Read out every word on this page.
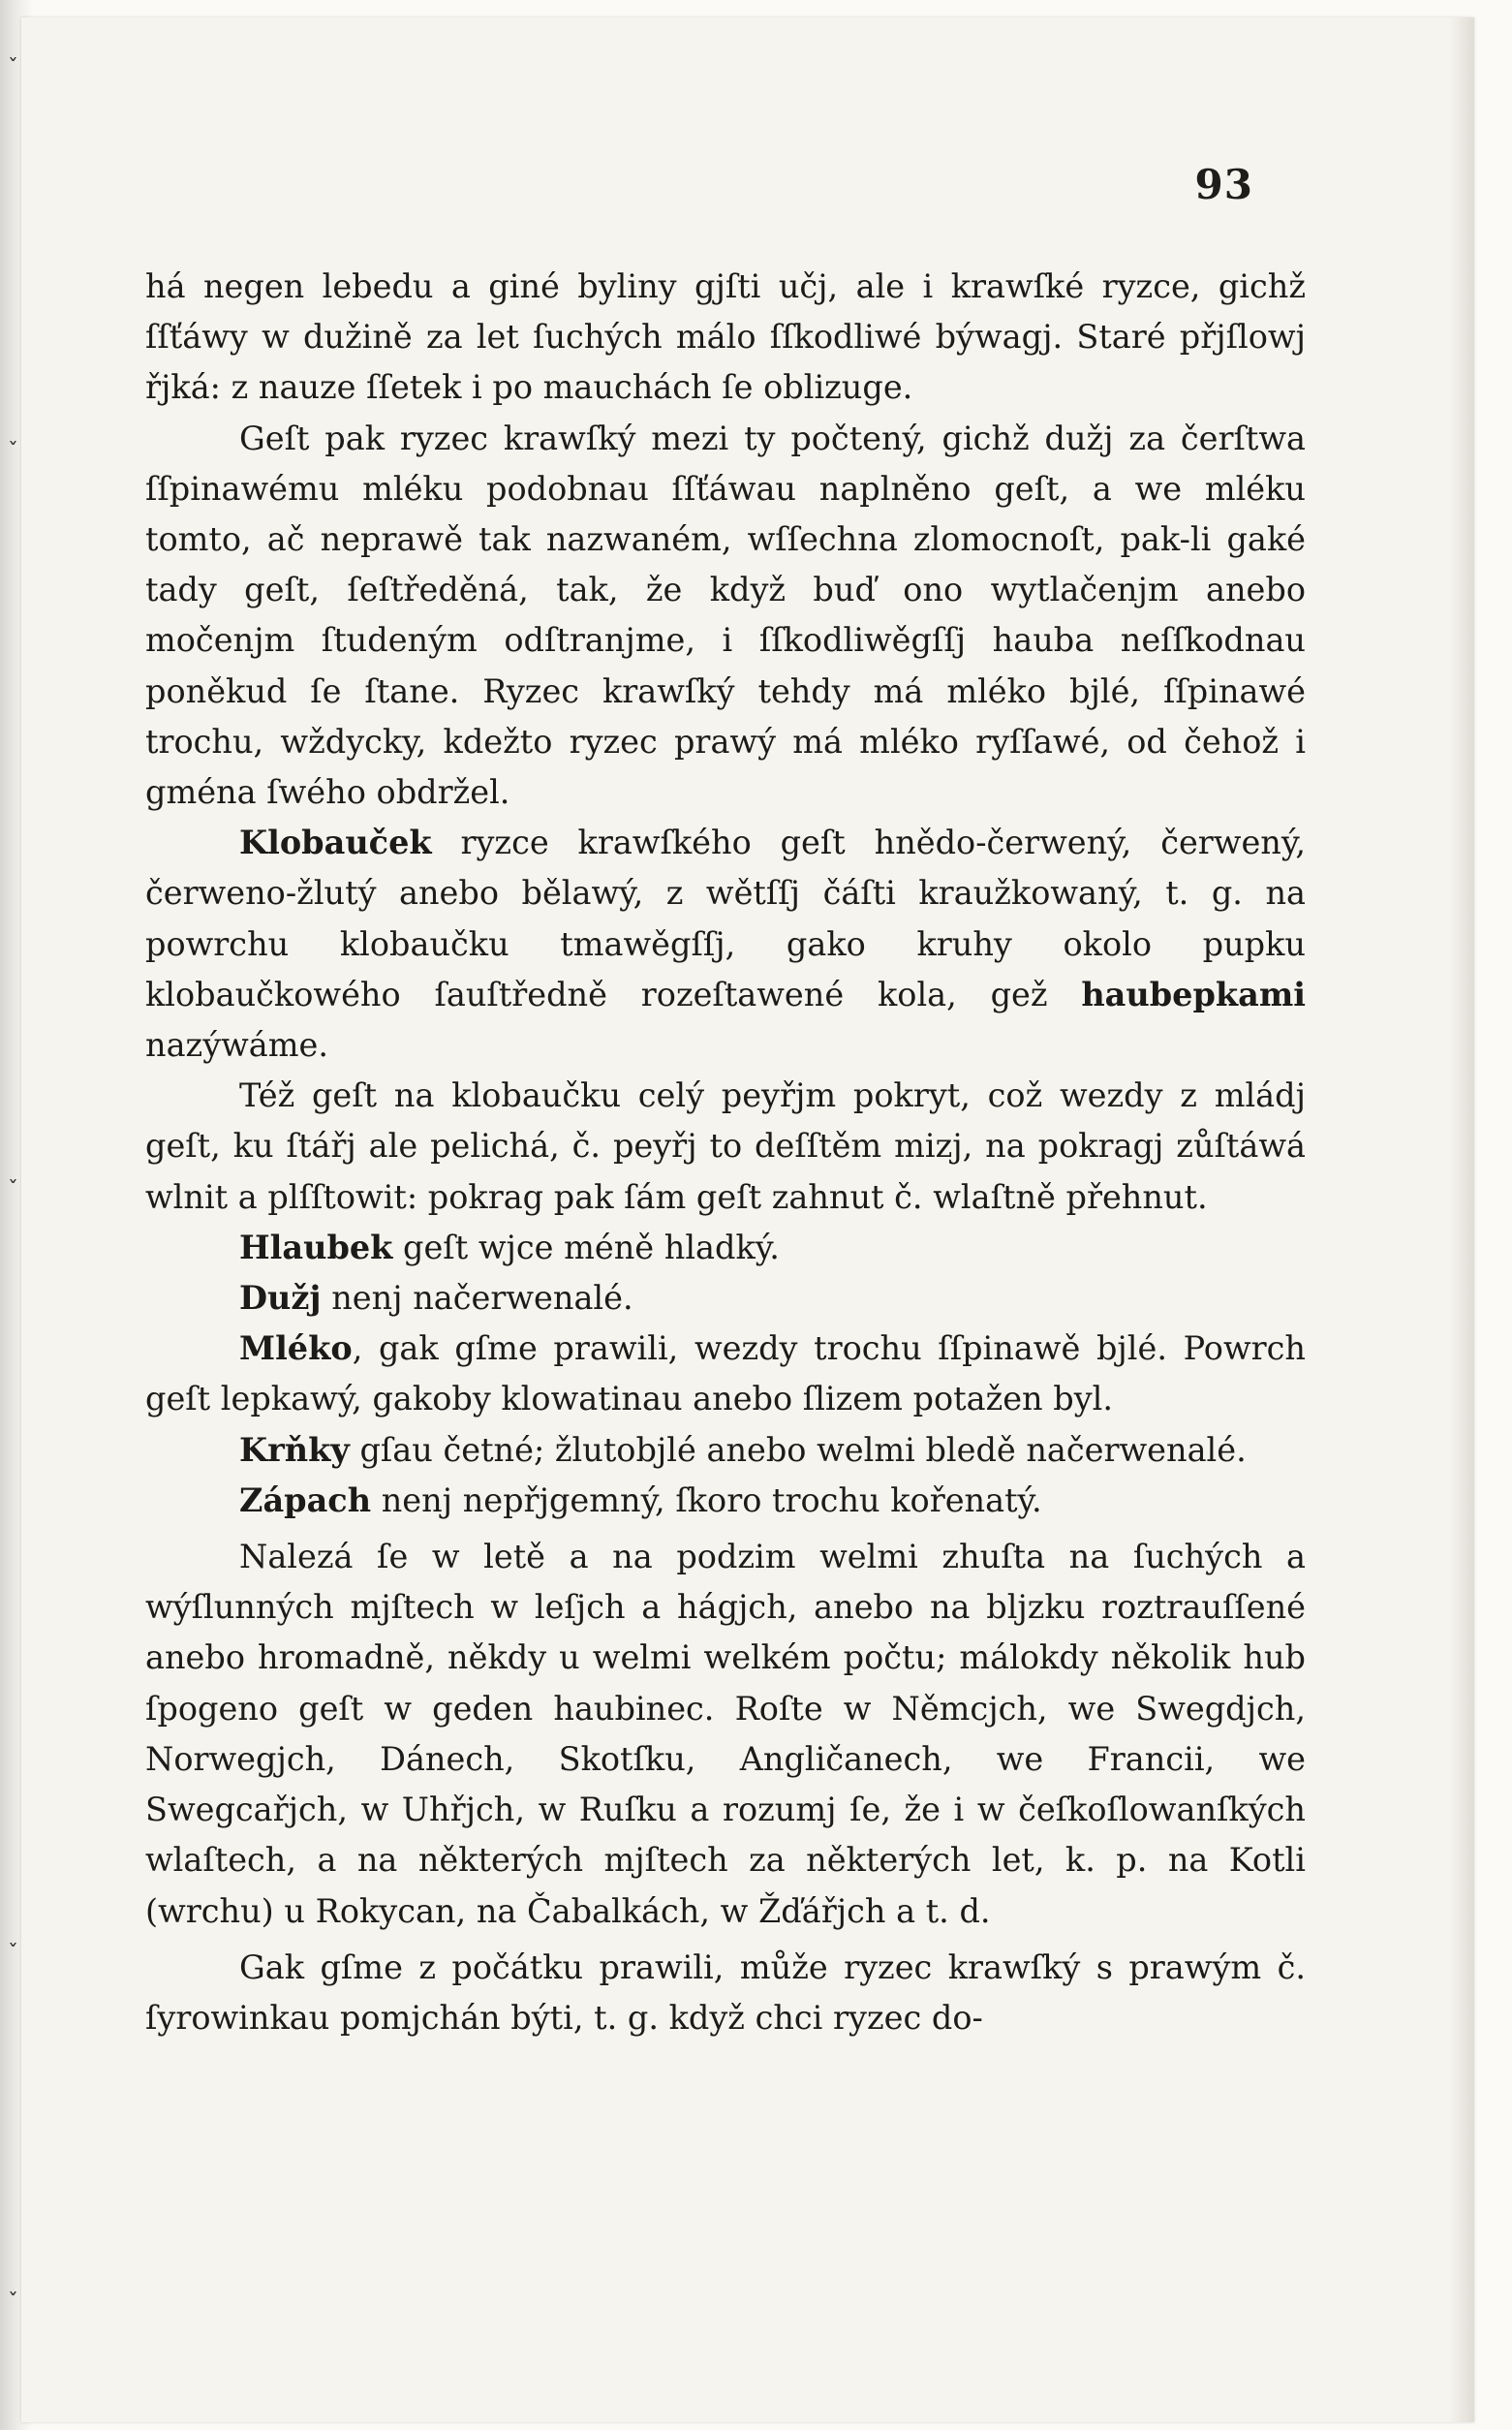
ˇ
ˇ
ˇ
ˇ
ˇ
93

há negen lebedu a giné byliny gjſti učj, ale i krawſké ryzce, gichž ſſťáwy w dužině za let ſuchých málo ſſkodliwé býwagj. Staré přjſlowj řjká: z nauze ſſetek i po mauchách ſe oblizuge.

Geſt pak ryzec krawſký mezi ty počtený, gichž dužj za čerſtwa ſſpinawému mléku podobnau ſſťáwau naplněno geſt, a we mléku tomto, ač neprawě tak nazwaném, wſſechna zlomocnoſt, pak-li gaké tady geſt, ſeſtředěná, tak, že když buď ono wytlačenjm anebo močenjm ſtudeným odſtranjme, i ſſkodliwěgſſj hauba neſſkodnau poněkud ſe ſtane. Ryzec krawſký tehdy má mléko bjlé, ſſpinawé trochu, wždycky, kdežto ryzec prawý má mléko ryſſawé, od čehož i gména ſwého obdržel.

Klobauček ryzce krawſkého geſt hnědo-čerwený, čerwený, čerweno-žlutý anebo bělawý, z wětſſj čáſti kraužkowaný, t. g. na powrchu klobaučku tmawěgſſj, gako kruhy okolo pupku klobaučkowého ſauſtředně rozeſtawené kola, gež haubepkami nazýwáme.

Též geſt na klobaučku celý peyřjm pokryt, což wezdy z mládj geſt, ku ſtářj ale pelichá, č. peyřj to deſſtěm mizj, na pokragj zůſtáwá wlnit a plſſtowit: pokrag pak ſám geſt zahnut č. wlaſtně přehnut.

Hlaubek geſt wjce méně hladký.

Dužj nenj načerwenalé.

Mléko, gak gſme prawili, wezdy trochu ſſpinawě bjlé. Powrch geſt lepkawý, gakoby klowatinau anebo ſlizem potažen byl.

Krňky gſau četné; žlutobjlé anebo welmi bledě načerwenalé.

Zápach nenj nepřjgemný, ſkoro trochu kořenatý.

Nalezá ſe w letě a na podzim welmi zhuſta na ſuchých a wýſlunných mjſtech w leſjch a hágjch, anebo na bljzku roztrauſſené anebo hromadně, někdy u welmi welkém počtu; málokdy několik hub ſpogeno geſt w geden haubinec. Roſte w Němcjch, we Swegdjch, Norwegjch, Dánech, Skotſku, Angličanech, we Francii, we Swegcařjch, w Uhřjch, w Ruſku a rozumj ſe, že i w čeſkoſlowanſkých wlaſtech, a na některých mjſtech za některých let, k. p. na Kotli (wrchu) u Rokycan, na Čabalkách, w Žďářjch a t. d.

Gak gſme z počátku prawili, může ryzec krawſký s prawým č. ſyrowinkau pomjchán býti, t. g. když chci ryzec do-
